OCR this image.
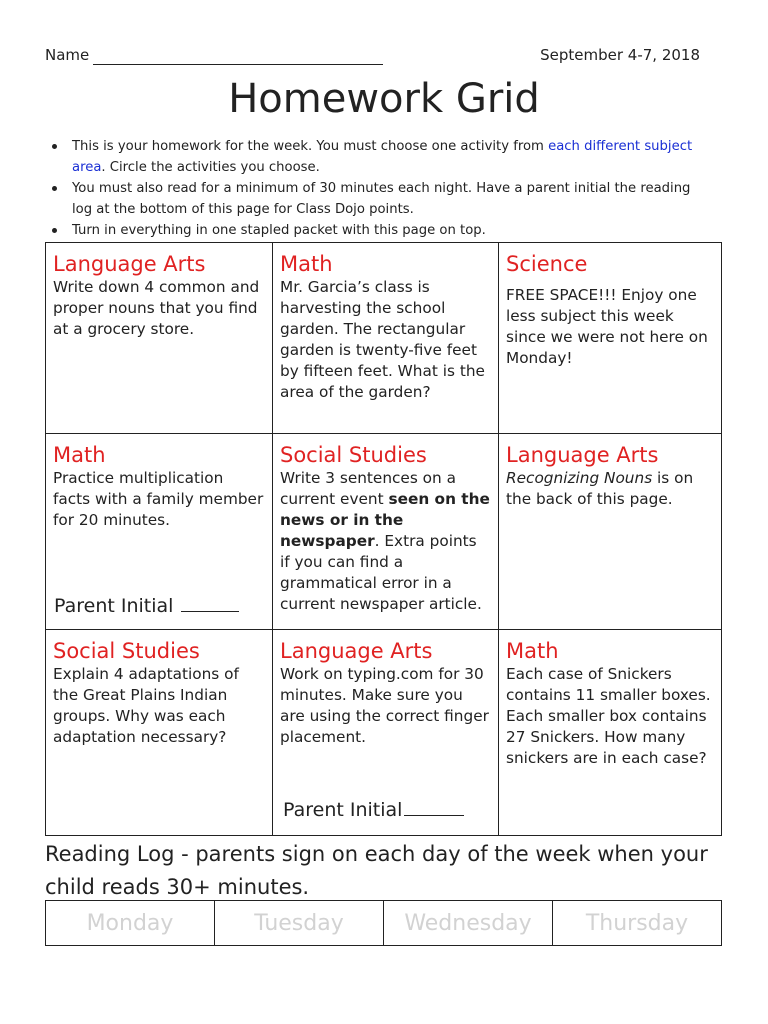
Name	September 4-7, 2018
Homework Grid
This is your homework for the week. You must choose one activity from each different subject area. Circle the activities you choose.
You must also read for a minimum of 30 minutes each night. Have a parent initial the reading log at the bottom of this page for Class Dojo points.
Turn in everything in one stapled packet with this page on top.
Language Arts

Write down 4 common and proper nouns that you find at a grocery store.

Math

Mr. Garcia’s class is harvesting the school garden. The rectangular garden is twenty-five feet by fifteen feet. What is the area of the garden?

Science

FREE SPACE!!! Enjoy one less subject this week since we were not here on Monday!

Math

Practice multiplication facts with a family member for 20 minutes.

Parent Initial
Social Studies

Write 3 sentences on a current event seen on the news or in the newspaper. Extra points if you can find a grammatical error in a current newspaper article.

Language Arts

Recognizing Nouns is on the back of this page.

Social Studies

Explain 4 adaptations of the Great Plains Indian groups. Why was each adaptation necessary?

Language Arts

Work on typing.com for 30 minutes. Make sure you are using the correct finger placement.

Parent Initial
Math

Each case of Snickers contains 11 smaller boxes. Each smaller box contains 27 Snickers. How many snickers are in each case?

Reading Log - parents sign on each day of the week when your child reads 30+ minutes.

Monday	Tuesday	Wednesday	Thursday
